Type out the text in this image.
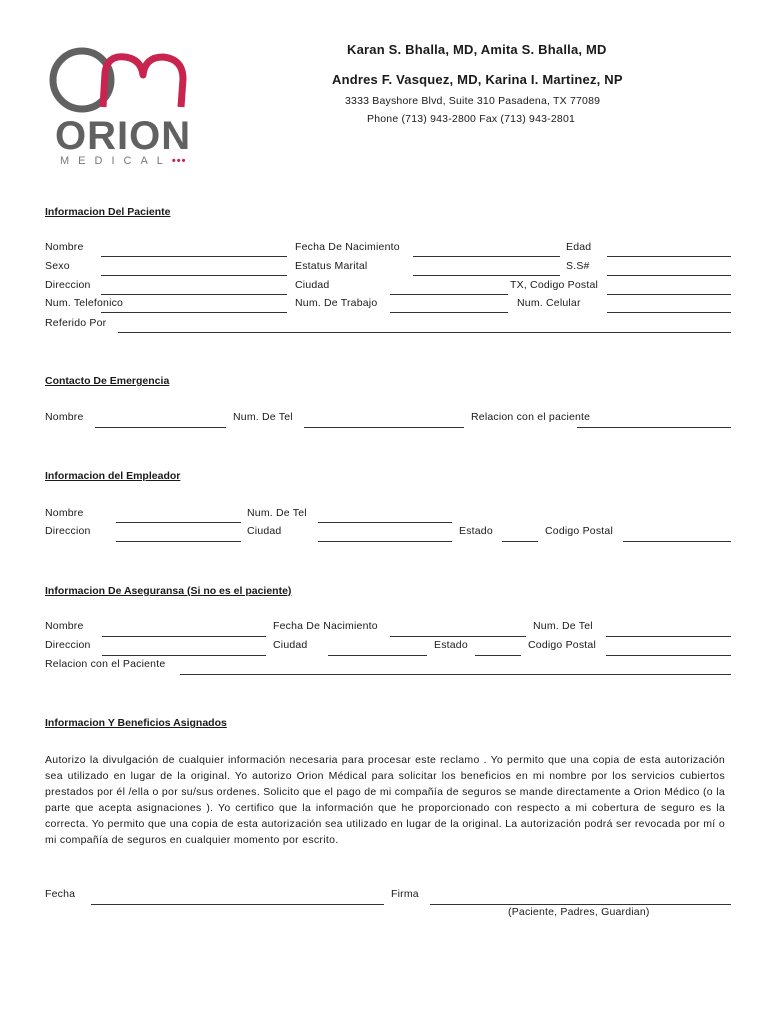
ORION
MEDICAL•••
Karan S. Bhalla, MD, Amita S. Bhalla, MD
Andres F. Vasquez, MD, Karina I. Martinez, NP
3333 Bayshore Blvd, Suite 310 Pasadena, TX 77089
Phone (713) 943-2800 Fax (713) 943-2801
Informacion Del Paciente
Nombre	Fecha De Nacimiento	Edad
Sexo	Estatus Marital	S.S#
Direccion	Ciudad	TX, Codigo Postal
Num. Telefonico	Num. De Trabajo	Num. Celular
Referido Por
Contacto De Emergencia
Nombre	Num. De Tel	Relacion con el paciente
Informacion del Empleador
Nombre	Num. De Tel
Direccion	Ciudad	Estado	Codigo Postal
Informacion De Aseguransa (Si no es el paciente)
Nombre	Fecha De Nacimiento	Num. De Tel
Direccion	Ciudad	Estado	Codigo Postal
Relacion con el Paciente
Informacion Y Beneficios Asignados
Autorizo la divulgación de cualquier información necesaria para procesar este reclamo . Yo permito que una copia de esta autorización sea utilizado en lugar de la original. Yo autorizo Orion Médical para solicitar los beneficios en mi nombre por los servicios cubiertos prestados por él /ella o por su/sus ordenes. Solicito que el pago de mi compañía de seguros se mande directamente a Orion Médico (o la parte que acepta asignaciones ). Yo certifico que la información que he proporcionado con respecto a mi cobertura de seguro es la correcta. Yo permito que una copia de esta autorización sea utilizado en lugar de la original. La autorización podrá ser revocada por mí o mi compañía de seguros en cualquier momento por escrito.
Fecha	Firma
(Paciente, Padres, Guardian)
